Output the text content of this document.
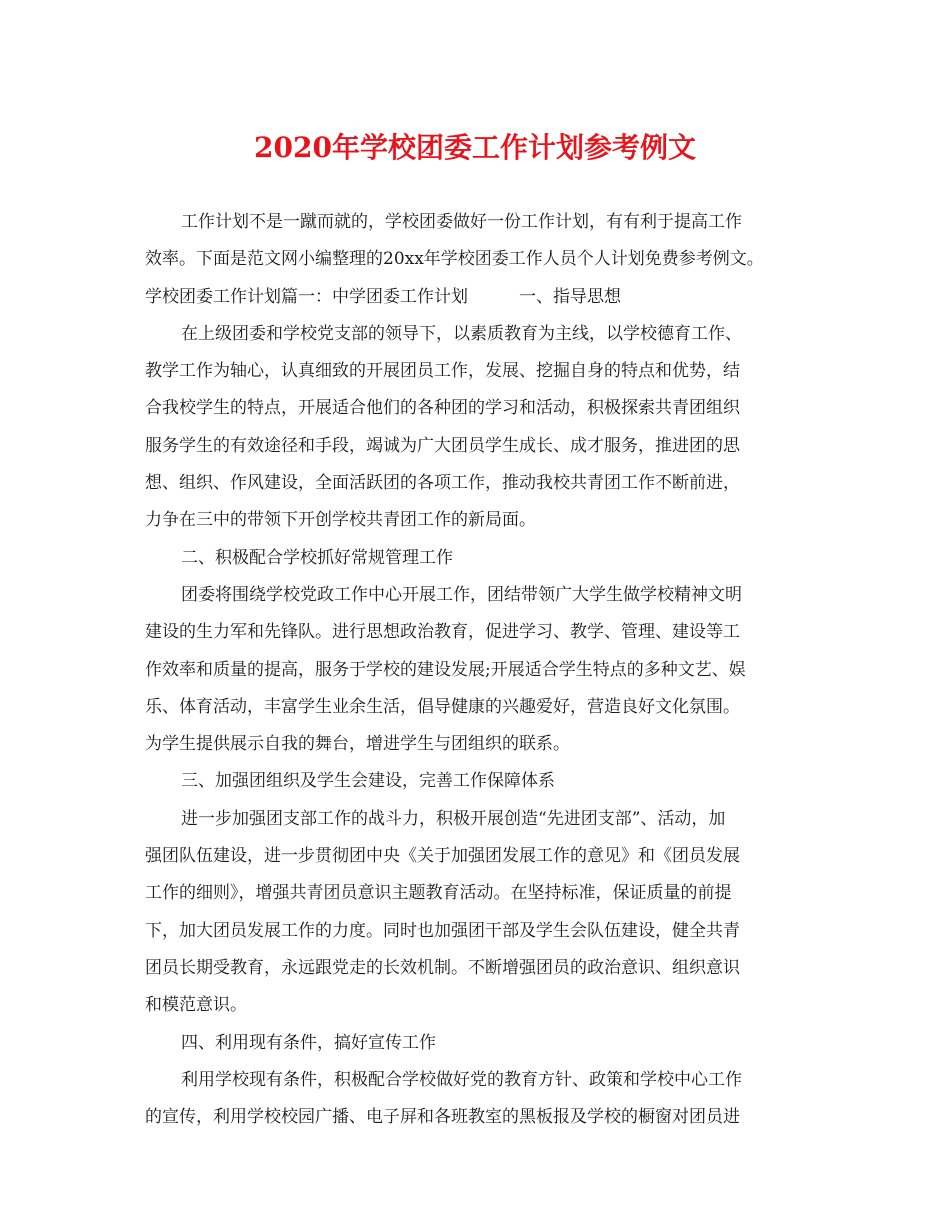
2020年学校团委工作计划参考例文
工作计划不是一蹴而就的，学校团委做好一份工作计划，有有利于提高工作
效率。下面是范文网小编整理的20xx年学校团委工作人员个人计划免费参考例文。
学校团委工作计划篇一：中学团委工作计划　　　一、指导思想
在上级团委和学校党支部的领导下，以素质教育为主线，以学校德育工作、
教学工作为轴心，认真细致的开展团员工作，发展、挖掘自身的特点和优势，结
合我校学生的特点，开展适合他们的各种团的学习和活动，积极探索共青团组织
服务学生的有效途径和手段，竭诚为广大团员学生成长、成才服务，推进团的思
想、组织、作风建设，全面活跃团的各项工作，推动我校共青团工作不断前进，
力争在三中的带领下开创学校共青团工作的新局面。
二、积极配合学校抓好常规管理工作
团委将围绕学校党政工作中心开展工作，团结带领广大学生做学校精神文明
建设的生力军和先锋队。进行思想政治教育，促进学习、教学、管理、建设等工
作效率和质量的提高，服务于学校的建设发展;开展适合学生特点的多种文艺、娱
乐、体育活动，丰富学生业余生活，倡导健康的兴趣爱好，营造良好文化氛围。
为学生提供展示自我的舞台，增进学生与团组织的联系。
三、加强团组织及学生会建设，完善工作保障体系
进一步加强团支部工作的战斗力，积极开展创造“先进团支部”、活动，加
强团队伍建设，进一步贯彻团中央《关于加强团发展工作的意见》和《团员发展
工作的细则》，增强共青团员意识主题教育活动。在坚持标准，保证质量的前提
下，加大团员发展工作的力度。同时也加强团干部及学生会队伍建设，健全共青
团员长期受教育，永远跟党走的长效机制。不断增强团员的政治意识、组织意识
和模范意识。
四、利用现有条件，搞好宣传工作
利用学校现有条件，积极配合学校做好党的教育方针、政策和学校中心工作
的宣传，利用学校校园广播、电子屏和各班教室的黑板报及学校的橱窗对团员进
